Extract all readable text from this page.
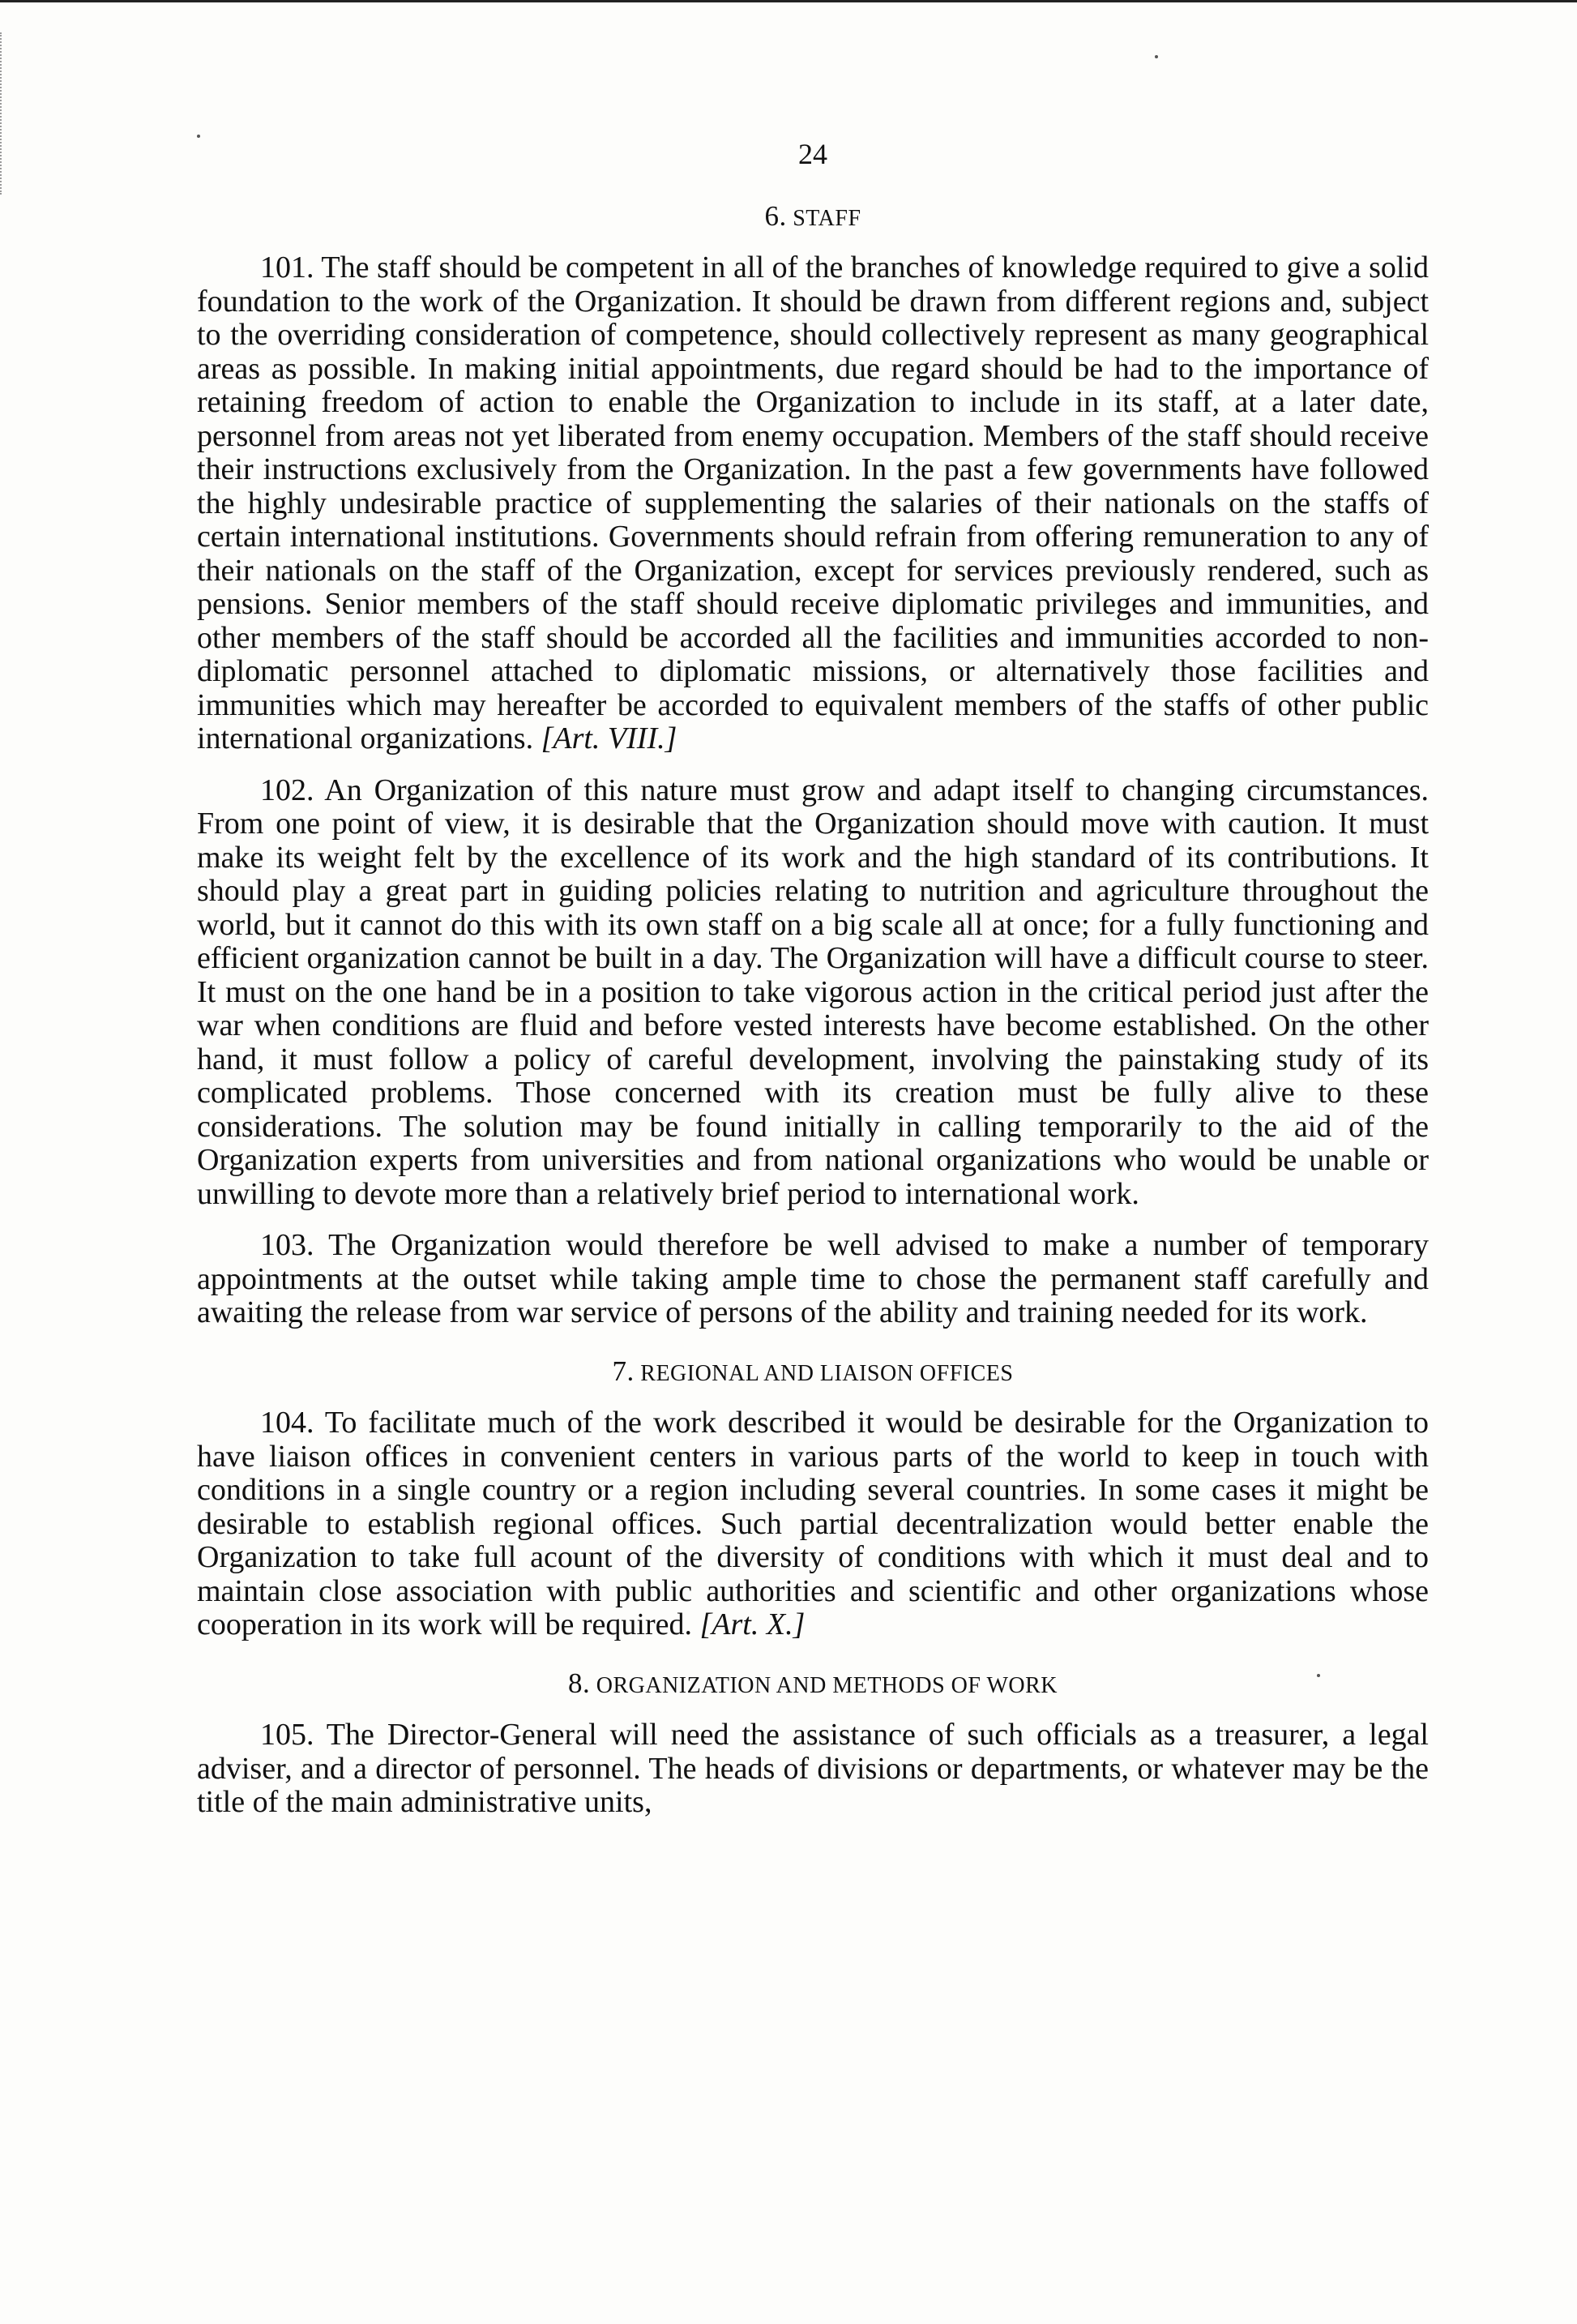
24
6. STAFF

101. The staff should be competent in all of the branches of knowledge required to give a solid foundation to the work of the Organization. It should be drawn from different regions and, subject to the overriding consideration of competence, should collectively represent as many geographical areas as possible. In making initial appointments, due regard should be had to the importance of retaining freedom of action to enable the Organization to include in its staff, at a later date, personnel from areas not yet liberated from enemy occupation. Members of the staff should receive their instructions exclusively from the Organization. In the past a few governments have followed the highly undesirable practice of supplementing the salaries of their nationals on the staffs of certain international institutions. Governments should refrain from offering remuneration to any of their nationals on the staff of the Organization, except for services previously rendered, such as pensions. Senior members of the staff should receive diplomatic privileges and immunities, and other members of the staff should be accorded all the facilities and immunities accorded to non-diplomatic personnel attached to diplomatic missions, or alternatively those facilities and immunities which may hereafter be accorded to equivalent members of the staffs of other public international organizations. [Art. VIII.]

102. An Organization of this nature must grow and adapt itself to changing circumstances. From one point of view, it is desirable that the Organization should move with caution. It must make its weight felt by the excellence of its work and the high standard of its contributions. It should play a great part in guiding policies relating to nutrition and agriculture throughout the world, but it cannot do this with its own staff on a big scale all at once; for a fully functioning and efficient organization cannot be built in a day. The Organization will have a difficult course to steer. It must on the one hand be in a position to take vigorous action in the critical period just after the war when conditions are fluid and before vested interests have become established. On the other hand, it must follow a policy of careful development, involving the painstaking study of its complicated problems. Those concerned with its creation must be fully alive to these considerations. The solution may be found initially in calling temporarily to the aid of the Organization experts from universities and from national organizations who would be unable or unwilling to devote more than a relatively brief period to international work.

103. The Organization would therefore be well advised to make a number of temporary appointments at the outset while taking ample time to chose the permanent staff carefully and awaiting the release from war service of persons of the ability and training needed for its work.

7. REGIONAL AND LIAISON OFFICES

104. To facilitate much of the work described it would be desirable for the Organization to have liaison offices in convenient centers in various parts of the world to keep in touch with conditions in a single country or a region including several countries. In some cases it might be desirable to establish regional offices. Such partial decentralization would better enable the Organization to take full acount of the diversity of conditions with which it must deal and to maintain close association with public authorities and scientific and other organizations whose cooperation in its work will be required. [Art. X.]

8. ORGANIZATION AND METHODS OF WORK

105. The Director-General will need the assistance of such officials as a treasurer, a legal adviser, and a director of personnel. The heads of divisions or departments, or whatever may be the title of the main administrative units,
